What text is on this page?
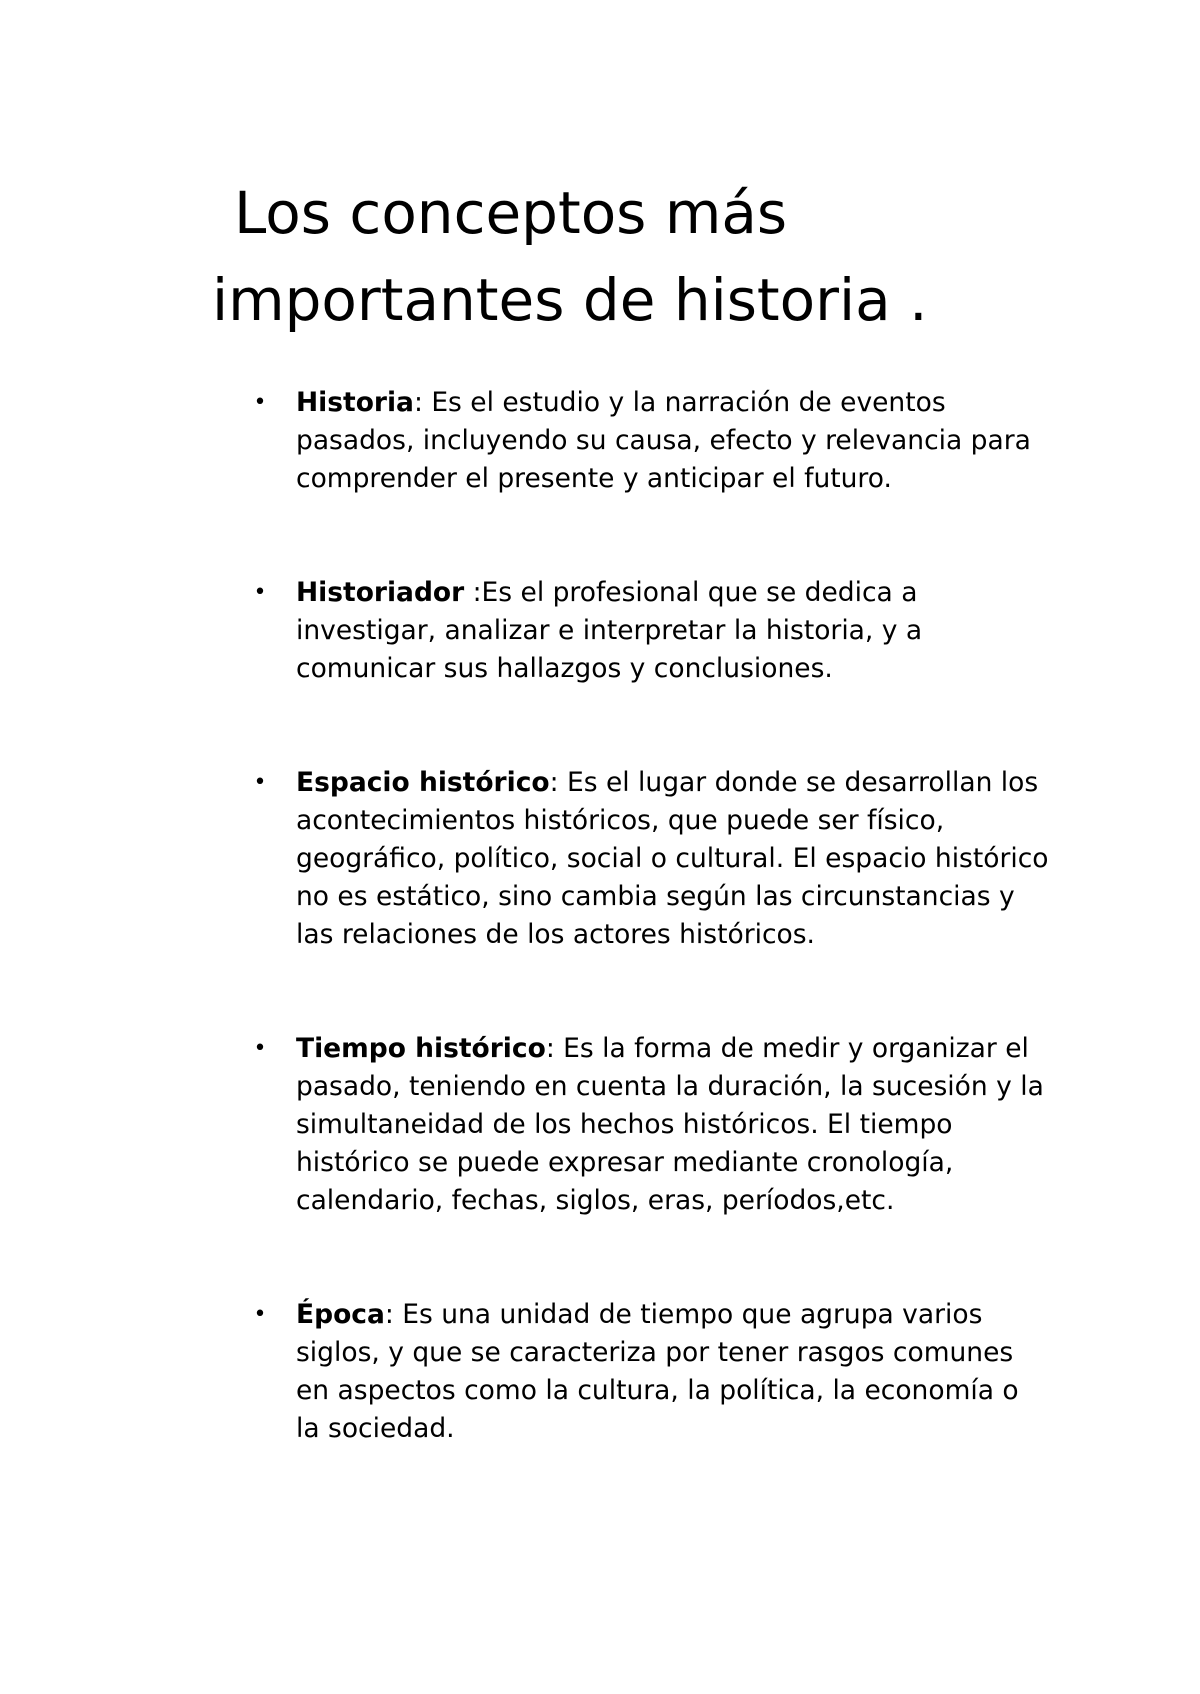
Los conceptos más
importantes de historia .
• Historia: Es el estudio y la narración de eventos pasados, incluyendo su causa, efecto y relevancia para comprender el presente y anticipar el futuro.
• Historiador :Es el profesional que se dedica a investigar, analizar e interpretar la historia, y a comunicar sus hallazgos y conclusiones.
• Espacio histórico: Es el lugar donde se desarrollan los acontecimientos históricos, que puede ser físico, geográfico, político, social o cultural. El espacio histórico no es estático, sino cambia según las circunstancias y las relaciones de los actores históricos.
• Tiempo histórico: Es la forma de medir y organizar el pasado, teniendo en cuenta la duración, la sucesión y la simultaneidad de los hechos históricos. El tiempo histórico se puede expresar mediante cronología, calendario, fechas, siglos, eras, períodos,etc.
• Época: Es una unidad de tiempo que agrupa varios siglos, y que se caracteriza por tener rasgos comunes en aspectos como la cultura, la política, la economía o la sociedad.
